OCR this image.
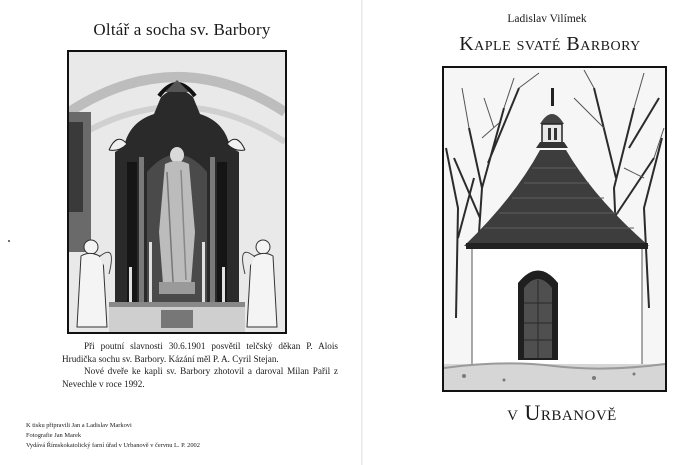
Oltář a socha sv. Barbory

Při poutní slavnosti 30.6.1901 posvětil telčský děkan P. Alois Hrudička sochu sv. Barbory. Kázání měl P. A. Cyril Stejan.

Nové dveře ke kapli sv. Barbory zhotovil a daroval Milan Pařil z Nevechle v roce 1992.

K tisku připravili Jan a Ladislav Markovi
Fotografie Jan Marek
Vydává Římskokatolický farní úřad v Urbanově v červnu L. P. 2002
Ladislav Vilímek
Kaple svaté Barbory
v Urbanově
